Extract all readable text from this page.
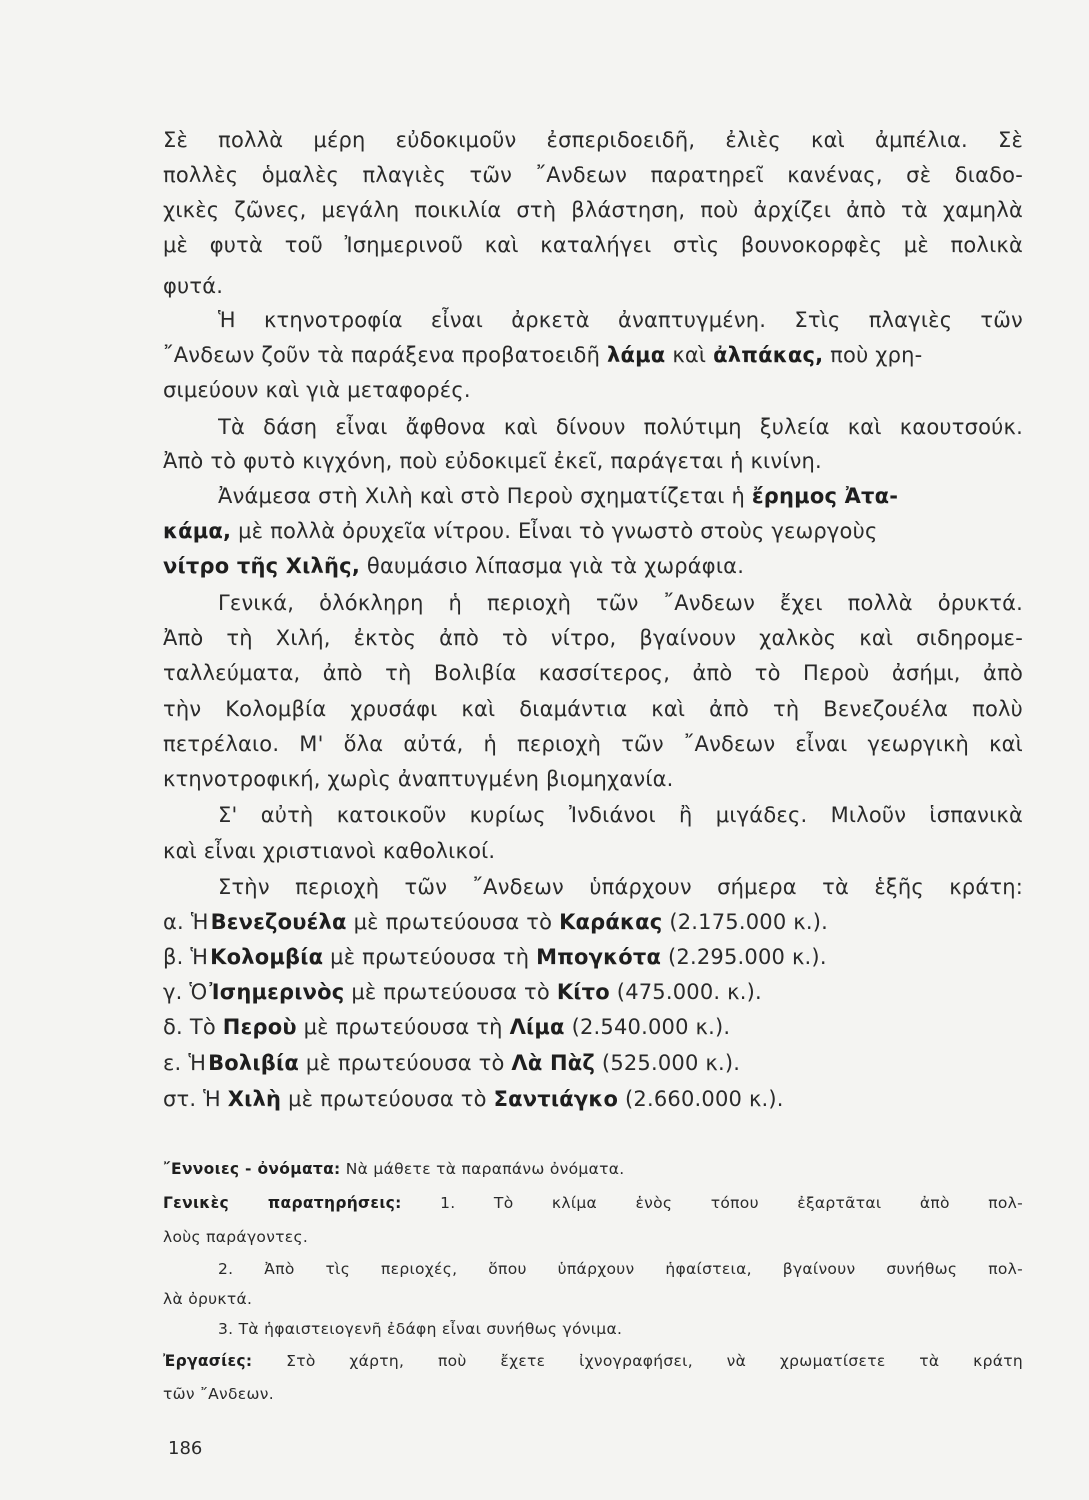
Σὲ πολλὰ μέρη εὐδοκιμοῦν ἐσπεριδοειδῆ, ἐλιὲς καὶ ἀμπέλια. Σὲ
πολλὲς ὁμαλὲς πλαγιὲς τῶν ῎Ανδεων παρατηρεῖ κανένας, σὲ διαδο-
χικὲς ζῶνες, μεγάλη ποικιλία στὴ βλάστηση, ποὺ ἀρχίζει ἀπὸ τὰ χαμηλὰ
μὲ φυτὰ τοῦ Ἰσημερινοῦ καὶ καταλήγει στὶς βουνοκορφὲς μὲ πολικὰ
φυτά.
Ἡ κτηνοτροφία εἶναι ἀρκετὰ ἀναπτυγμένη. Στὶς πλαγιὲς τῶν
῎Ανδεων ζοῦν τὰ παράξενα προβατοειδῆ λάμα καὶ ἀλπάκας, ποὺ χρη-
σιμεύουν καὶ γιὰ μεταφορές.
Τὰ δάση εἶναι ἄφθονα καὶ δίνουν πολύτιμη ξυλεία καὶ καουτσούκ.
Ἀπὸ τὸ φυτὸ κιγχόνη, ποὺ εὐδοκιμεῖ ἐκεῖ, παράγεται ἡ κινίνη.
Ἀνάμεσα στὴ Χιλὴ καὶ στὸ Περοὺ σχηματίζεται ἡ ἔρημος Ἀτα-
κάμα, μὲ πολλὰ ὀρυχεῖα νίτρου. Εἶναι τὸ γνωστὸ στοὺς γεωργοὺς
νίτρο τῆς Χιλῆς, θαυμάσιο λίπασμα γιὰ τὰ χωράφια.
Γενικά, ὁλόκληρη ἡ περιοχὴ τῶν ῎Ανδεων ἔχει πολλὰ ὀρυκτά.
Ἀπὸ τὴ Χιλή, ἐκτὸς ἀπὸ τὸ νίτρο, βγαίνουν χαλκὸς καὶ σιδηρομε-
ταλλεύματα, ἀπὸ τὴ Βολιβία κασσίτερος, ἀπὸ τὸ Περοὺ ἀσήμι, ἀπὸ
τὴν Κολομβία χρυσάφι καὶ διαμάντια καὶ ἀπὸ τὴ Βενεζουέλα πολὺ
πετρέλαιο. Μ' ὅλα αὐτά, ἡ περιοχὴ τῶν ῎Ανδεων εἶναι γεωργικὴ καὶ
κτηνοτροφική, χωρὶς ἀναπτυγμένη βιομηχανία.
Σ' αὐτὴ κατοικοῦν κυρίως Ἰνδιάνοι ἢ μιγάδες. Μιλοῦν ἱσπανικὰ
καὶ εἶναι χριστιανοὶ καθολικοί.
Στὴν περιοχὴ τῶν ῎Ανδεων ὑπάρχουν σήμερα τὰ ἑξῆς κράτη:
α. ἩΒενεζουέλα μὲ πρωτεύουσα τὸ Καράκας (2.175.000 κ.).
β. ἩΚολομβία μὲ πρωτεύουσα τὴ Μπογκότα (2.295.000 κ.).
γ. ὉἸσημερινὸς μὲ πρωτεύουσα τὸ Κίτο (475.000. κ.).
δ. Τὸ Περοὺ μὲ πρωτεύουσα τὴ Λίμα (2.540.000 κ.).
ε. ἩΒολιβία μὲ πρωτεύουσα τὸ Λὰ Πὰζ (525.000 κ.).
στ. Ἡ Χιλὴ μὲ πρωτεύουσα τὸ Σαντιάγκο (2.660.000 κ.).
῎Εννοιες - ὀνόματα: Νὰ μάθετε τὰ παραπάνω ὀνόματα.
Γενικὲς παρατηρήσεις: 1. Τὸ κλίμα ἑνὸς τόπου ἐξαρτᾶται ἀπὸ πολ-
λοὺς παράγοντες.
2. Ἀπὸ τὶς περιοχές, ὅπου ὑπάρχουν ἡφαίστεια, βγαίνουν συνήθως πολ-
λὰ ὀρυκτά.
3. Τὰ ἡφαιστειογενῆ ἐδάφη εἶναι συνήθως γόνιμα.
Ἐργασίες: Στὸ χάρτη, ποὺ ἔχετε ἰχνογραφήσει, νὰ χρωματίσετε τὰ κράτη
τῶν ῎Ανδεων.
186
